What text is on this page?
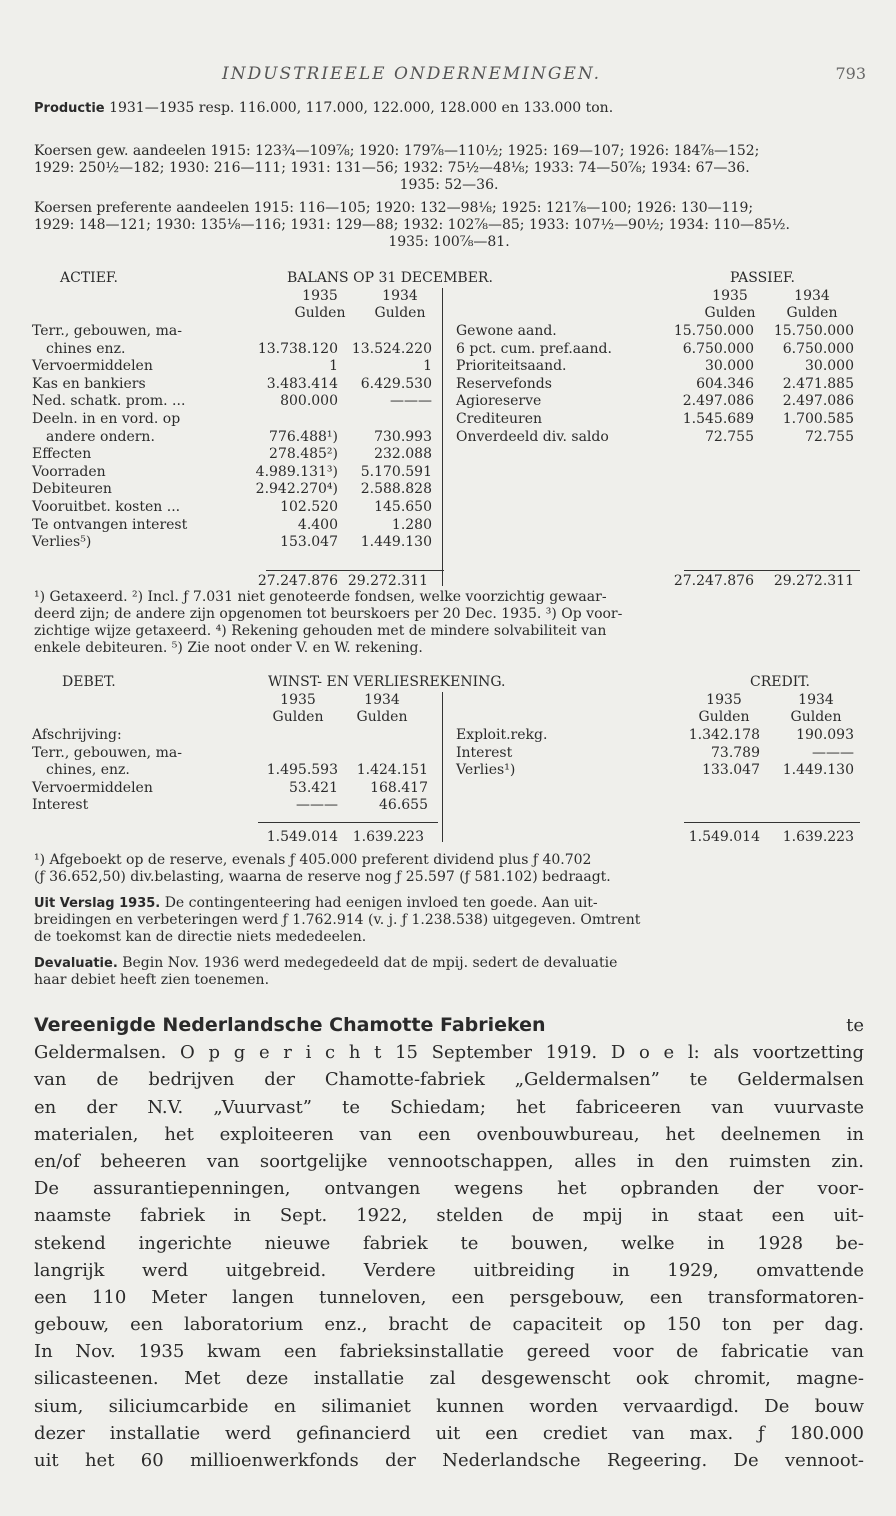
INDUSTRIEELE ONDERNEMINGEN.	793
Productie 1931—1935 resp. 116.000, 117.000, 122.000, 128.000 en 133.000 ton.
Koersen gew. aandeelen 1915: 123¾—109⅞; 1920: 179⅞—110½; 1925: 169—107; 1926: 184⅞—152;
1929: 250½—182; 1930: 216—111; 1931: 131—56; 1932: 75½—48⅛; 1933: 74—50⅞; 1934: 67—36.
1935: 52—36.
Koersen preferente aandeelen 1915: 116—105; 1920: 132—98⅛; 1925: 121⅞—100; 1926: 130—119;
1929: 148—121; 1930: 135⅛—116; 1931: 129—88; 1932: 102⅞—85; 1933: 107½—90½; 1934: 110—85½.
1935: 100⅞—81.
ACTIEF.	BALANS OP 31 DECEMBER.	PASSIEF.
1935	1934
Gulden	Gulden
1935	1934
Gulden	Gulden
Terr., gebouwen, ma-
chines enz.	13.738.120 13.524.220
Vervoermiddelen	1	1
Kas en bankiers	3.483.414	6.429.530
Ned. schatk. prom. ...	800.000	———
Deeln. in en vord. op
andere ondern.	776.488¹)	730.993
Effecten	278.485²)	232.088
Voorraden	4.989.131³)	5.170.591
Debiteuren	2.942.270⁴)	2.588.828
Vooruitbet. kosten ...	102.520	145.650
Te ontvangen interest	4.400	1.280
Verlies⁵)	153.047	1.449.130
Gewone aand.	15.750.000	15.750.000
6 pct. cum. pref.aand.	6.750.000	6.750.000
Prioriteitsaand.	30.000	30.000
Reservefonds	604.346	2.471.885
Agioreserve	2.497.086	2.497.086
Crediteuren	1.545.689	1.700.585
Onverdeeld div. saldo	72.755	72.755
27.247.876 29.272.311	27.247.876	29.272.311
¹) Getaxeerd. ²) Incl. ƒ 7.031 niet genoteerde fondsen, welke voorzichtig gewaar-
deerd zijn; de andere zijn opgenomen tot beurskoers per 20 Dec. 1935. ³) Op voor-
zichtige wijze getaxeerd. ⁴) Rekening gehouden met de mindere solvabiliteit van
enkele debiteuren. ⁵) Zie noot onder V. en W. rekening.
DEBET.	WINST- EN VERLIESREKENING.	CREDIT.
1935	1934
Gulden	Gulden
1935	1934
Gulden	Gulden
Afschrijving:
Terr., gebouwen, ma-
chines, enz.	1.495.593	1.424.151
Vervoermiddelen	53.421	168.417
Interest	———	46.655
Exploit.rekg.	1.342.178	190.093
Interest	73.789	———
Verlies¹)	133.047	1.449.130
1.549.014	1.639.223	1.549.014	1.639.223
¹) Afgeboekt op de reserve, evenals ƒ 405.000 preferent dividend plus ƒ 40.702
(ƒ 36.652,50) div.belasting, waarna de reserve nog ƒ 25.597 (ƒ 581.102) bedraagt.
Uit Verslag 1935. De contingenteering had eenigen invloed ten goede. Aan uit-
breidingen en verbeteringen werd ƒ 1.762.914 (v. j. ƒ 1.238.538) uitgegeven. Omtrent
de toekomst kan de directie niets mededeelen.
Devaluatie. Begin Nov. 1936 werd medegedeeld dat de mpij. sedert de devaluatie
haar debiet heeft zien toenemen.
Vereenigde Nederlandsche Chamotte Fabrieken	te
Geldermalsen. O p g e r i c h t 15 September 1919. D o e l: als voortzetting
van de bedrijven der Chamotte-fabriek „Geldermalsen” te Geldermalsen
en der N.V. „Vuurvast” te Schiedam; het fabriceeren van vuurvaste
materialen, het exploiteeren van een ovenbouwbureau, het deelnemen in
en/of beheeren van soortgelijke vennootschappen, alles in den ruimsten zin.
De assurantiepenningen, ontvangen wegens het opbranden der voor-
naamste fabriek in Sept. 1922, stelden de mpij in staat een uit-
stekend ingerichte nieuwe fabriek te bouwen, welke in 1928 be-
langrijk werd uitgebreid. Verdere uitbreiding in 1929, omvattende
een 110 Meter langen tunneloven, een persgebouw, een transformatoren-
gebouw, een laboratorium enz., bracht de capaciteit op 150 ton per dag.
In Nov. 1935 kwam een fabrieksinstallatie gereed voor de fabricatie van
silicasteenen. Met deze installatie zal desgewenscht ook chromit, magne-
sium, siliciumcarbide en silimaniet kunnen worden vervaardigd. De bouw
dezer installatie werd gefinancierd uit een crediet van max. ƒ 180.000
uit het 60 millioenwerkfonds der Nederlandsche Regeering. De vennoot-
